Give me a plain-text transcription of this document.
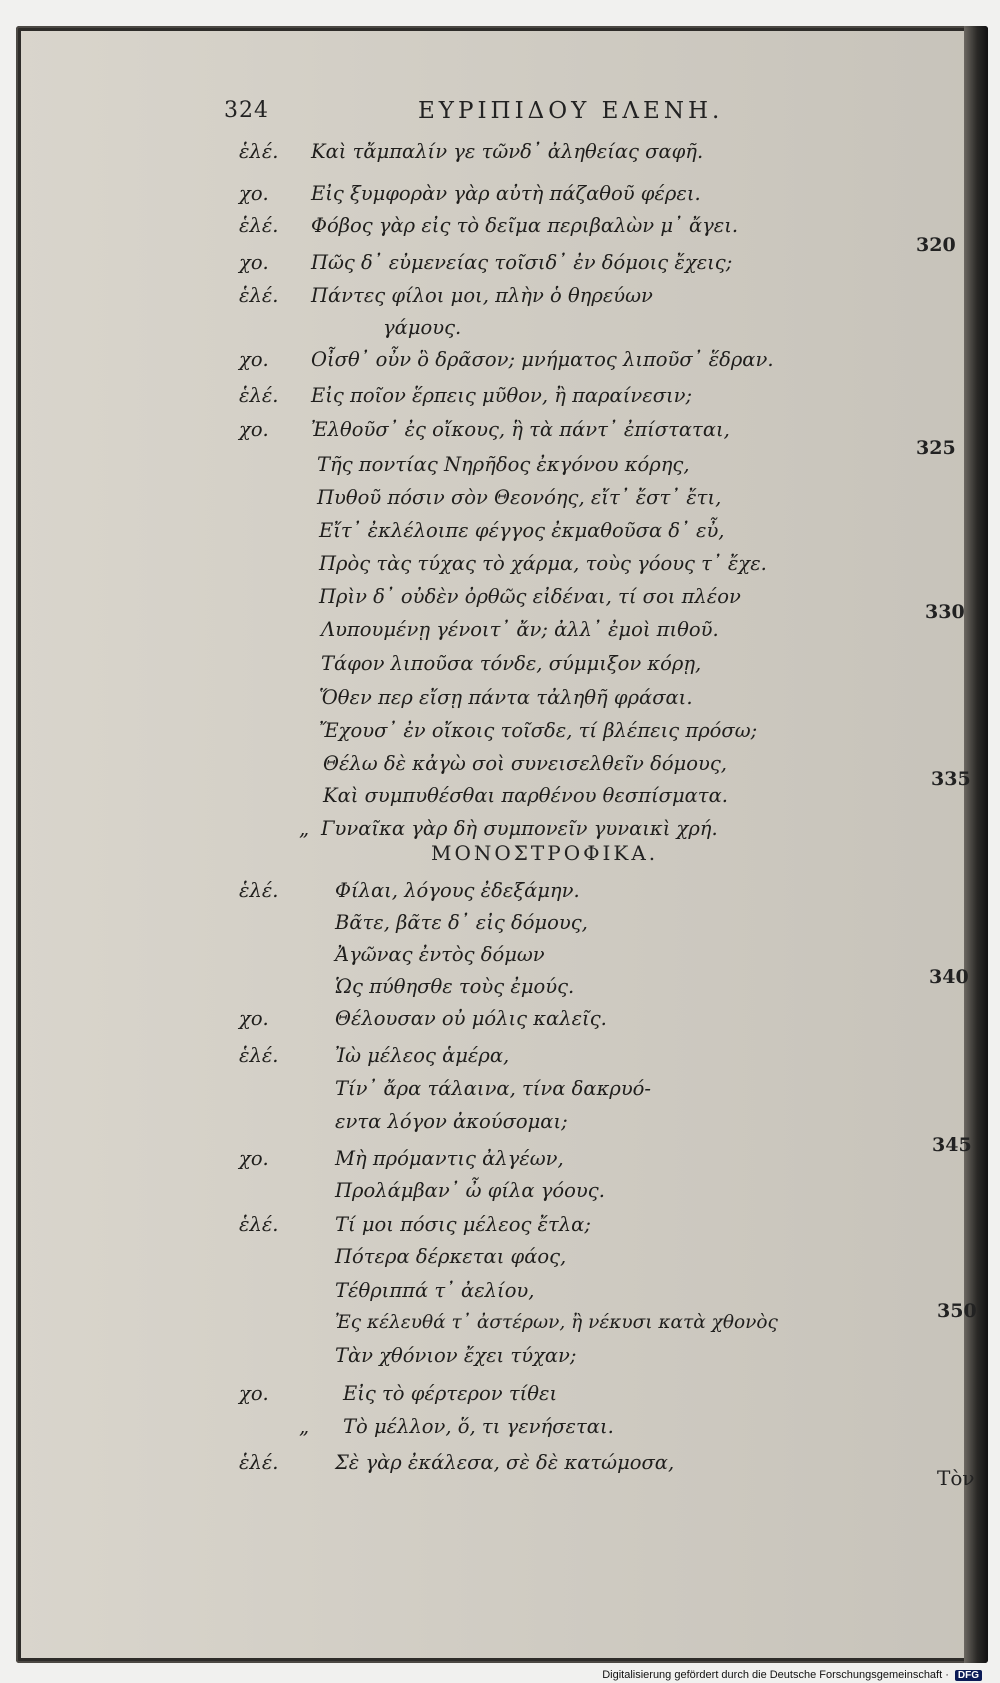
324	ΕΥΡΙΠΙΔΟΥ ΕΛΕΝΗ.
ΜΟΝΟΣΤΡΟΦΙΚΑ.
ἑλέ. Καὶ τἄμπαλίν γε τῶνδ᾽ ἀληθείας σαφῆ.
χο. Εἰς ξυμφορὰν γὰρ αὐτὴ πάζαθοῦ φέρει.
ἑλέ. Φόβος γὰρ εἰς τὸ δεῖμα περιβαλὼν μ᾽ ἄγει.
χο. Πῶς δ᾽ εὐμενείας τοῖσιδ᾽ ἐν δόμοις ἔχεις;
ἑλέ. Πάντες φίλοι μοι, πλὴν ὁ θηρεύων
γάμους.
χο. Οἶσθ᾽ οὖν ὃ δρᾶσον; μνήματος λιποῦσ᾽ ἕδραν.
ἑλέ. Εἰς ποῖον ἕρπεις μῦθον, ἢ παραίνεσιν;
χο. Ἐλθοῦσ᾽ ἐς οἴκους, ἣ τὰ πάντ᾽ ἐπίσταται,
Τῆς ποντίας Νηρῆδος ἐκγόνου κόρης,
Πυθοῦ πόσιν σὸν Θεονόης, εἴτ᾽ ἔστ᾽ ἔτι,
Εἴτ᾽ ἐκλέλοιπε φέγγος ἐκμαθοῦσα δ᾽ εὖ,
Πρὸς τὰς τύχας τὸ χάρμα, τοὺς γόους τ᾽ ἔχε.
Πρὶν δ᾽ οὐδὲν ὀρθῶς εἰδέναι, τί σοι πλέον
Λυπουμένῃ γένοιτ᾽ ἄν; ἀλλ᾽ ἐμοὶ πιθοῦ.
Τάφον λιποῦσα τόνδε, σύμμιξον κόρῃ,
Ὅθεν περ εἴσῃ πάντα τἀληθῆ φράσαι.
Ἔχουσ᾽ ἐν οἴκοις τοῖσδε, τί βλέπεις πρόσω;
Θέλω δὲ κἀγὼ σοὶ συνεισελθεῖν δόμους,
Καὶ συμπυθέσθαι παρθένου θεσπίσματα.
„ Γυναῖκα γὰρ δὴ συμπονεῖν γυναικὶ χρή.
ἑλέ.	Φίλαι, λόγους ἐδεξάμην.
Βᾶτε, βᾶτε δ᾽ εἰς δόμους,
Ἀγῶνας ἐντὸς δόμων
Ὡς πύθησθε τοὺς ἐμούς.
χο.	Θέλουσαν οὐ μόλις καλεῖς.
ἑλέ.	Ἰὼ μέλεος ἁμέρα,
Τίν᾽ ἄρα τάλαινα, τίνα δακρυό-
εντα λόγον ἀκούσομαι;
χο.	Μὴ πρόμαντις ἀλγέων,
Προλάμβαν᾽ ὦ φίλα γόους.
ἑλέ.	Τί μοι πόσις μέλεος ἔτλα;
Πότερα δέρκεται φάος,
Τέθριππά τ᾽ ἀελίου,
Ἐς κέλευθά τ᾽ ἀστέρων, ἢ νέκυσι κατὰ χθονὸς
Τὰν χθόνιον ἔχει τύχαν;
χο.	Εἰς τὸ φέρτερον τίθει
„ Τὸ μέλλον, ὅ, τι γενήσεται.
ἑλέ.	Σὲ γὰρ ἐκάλεσα, σὲ δὲ κατώμοσα,
320
325
330
335
340
345
350
Τὸν
Digitalisierung gefördert durch die Deutsche Forschungsgemeinschaft · DFG
